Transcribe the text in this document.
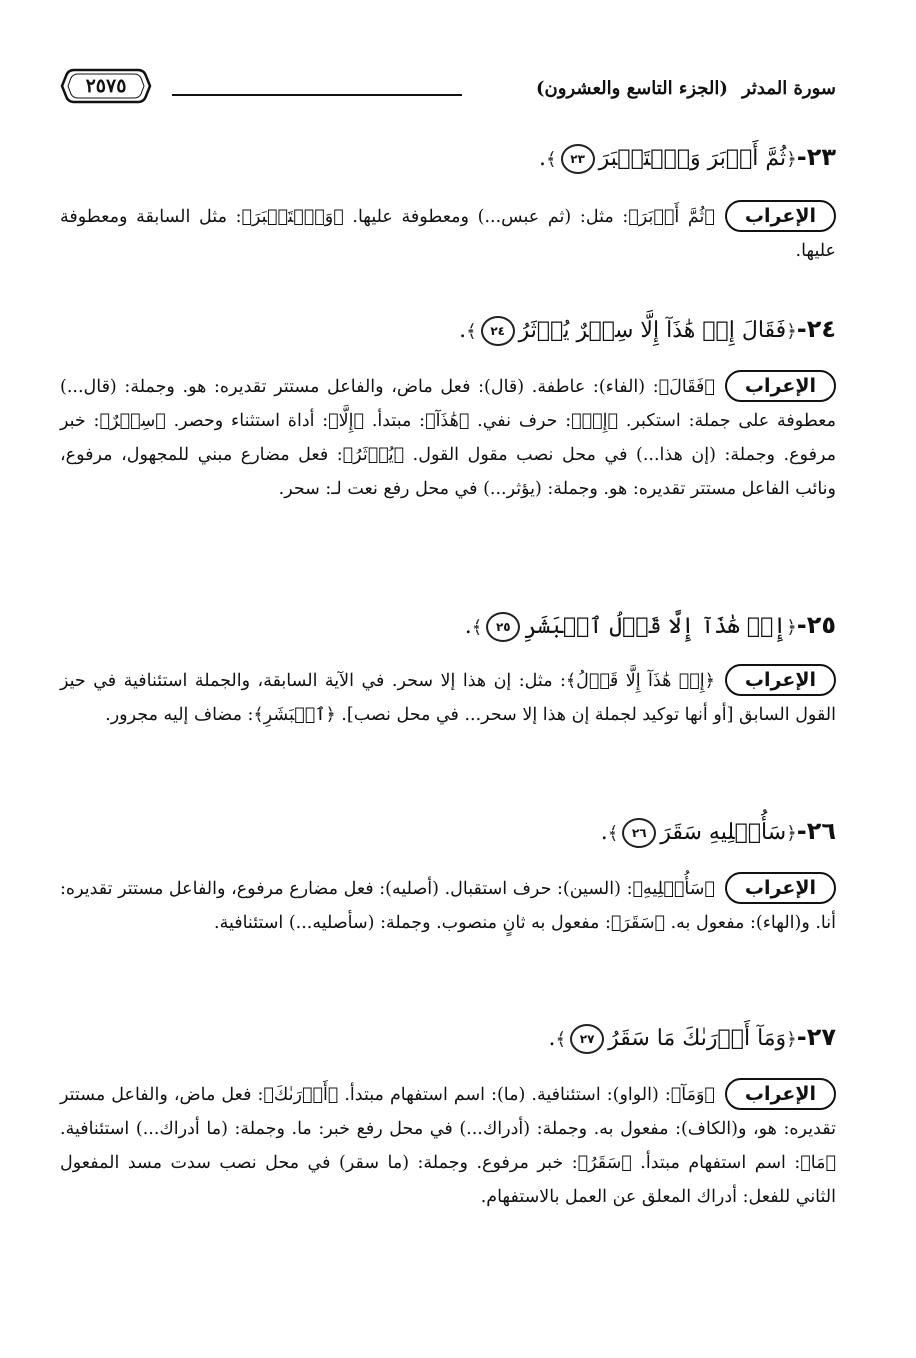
سورة المدثر(الجزء التاسع والعشرون)
٢٥٧٥
٢٣-﴿ثُمَّ أَدۡبَرَ وَٱسۡتَكۡبَرَ٢٣﴾.
الإعراب﴿ثُمَّ أَدۡبَرَ﴾: مثل: (ثم عبس...) ومعطوفة عليها. ﴿وَٱسۡتَكۡبَرَ﴾: مثل السابقة ومعطوفة عليها.
٢٤-﴿فَقَالَ إِنۡ هَٰذَآ إِلَّا سِحۡرٌ يُؤۡثَرُ٢٤﴾.
الإعراب﴿فَقَالَ﴾: (الفاء): عاطفة. (قال): فعل ماض، والفاعل مستتر تقديره: هو. وجملة: (قال...) معطوفة على جملة: استكبر. ﴿إِنۡ﴾: حرف نفي. ﴿هَٰذَآ﴾: مبتدأ. ﴿إِلَّا﴾: أداة استثناء وحصر. ﴿سِحۡرٌ﴾: خبر مرفوع. وجملة: (إن هذا...) في محل نصب مقول القول. ﴿يُؤۡثَرُ﴾: فعل مضارع مبني للمجهول، مرفوع، ونائب الفاعل مستتر تقديره: هو. وجملة: (يؤثر...) في محل رفع نعت لـ: سحر.
٢٥-﴿إِنۡ هَٰذَآ إِلَّا قَوۡلُ ٱلۡبَشَرِ٢٥﴾.
الإعراب﴿إِنۡ هَٰذَآ إِلَّا قَوۡلُ﴾: مثل: إن هذا إلا سحر. في الآية السابقة، والجملة استئنافية في حيز القول السابق [أو أنها توكيد لجملة إن هذا إلا سحر... في محل نصب]. ﴿ٱلۡبَشَرِ﴾: مضاف إليه مجرور.
٢٦-﴿سَأُصۡلِيهِ سَقَرَ٢٦﴾.
الإعراب﴿سَأُصۡلِيهِ﴾: (السين): حرف استقبال. (أصليه): فعل مضارع مرفوع، والفاعل مستتر تقديره: أنا. و(الهاء): مفعول به. ﴿سَقَرَ﴾: مفعول به ثانٍ منصوب. وجملة: (سأصليه...) استئنافية.
٢٧-﴿وَمَآ أَدۡرَىٰكَ مَا سَقَرُ٢٧﴾.
الإعراب﴿وَمَآ﴾: (الواو): استئنافية. (ما): اسم استفهام مبتدأ. ﴿أَدۡرَىٰكَ﴾: فعل ماض، والفاعل مستتر تقديره: هو، و(الكاف): مفعول به. وجملة: (أدراك...) في محل رفع خبر: ما. وجملة: (ما أدراك...) استئنافية. ﴿مَا﴾: اسم استفهام مبتدأ. ﴿سَقَرُ﴾: خبر مرفوع. وجملة: (ما سقر) في محل نصب سدت مسد المفعول الثاني للفعل: أدراك المعلق عن العمل بالاستفهام.
